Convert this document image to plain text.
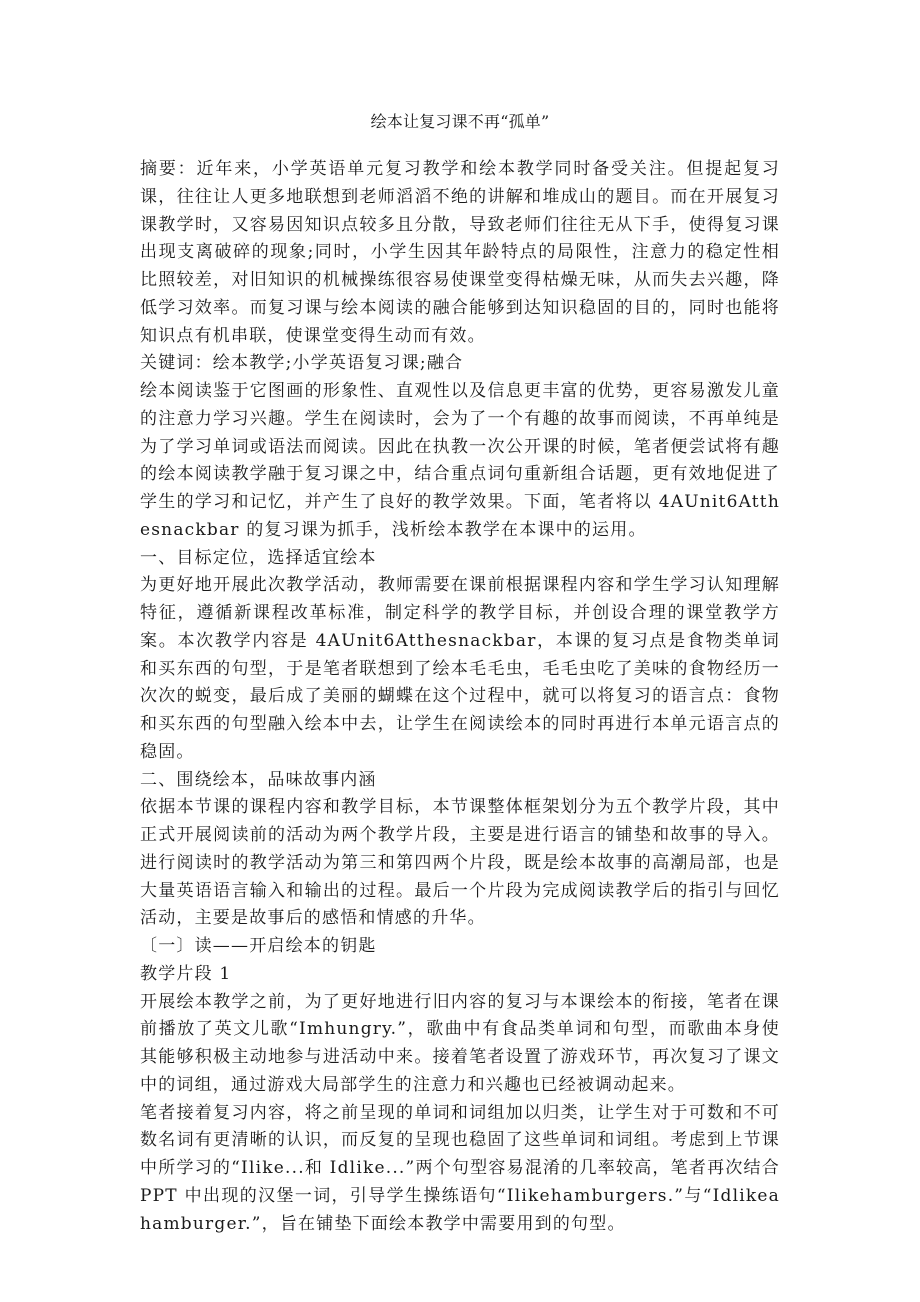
绘本让复习课不再“孤单”

摘要：近年来，小学英语单元复习教学和绘本教学同时备受关注。但提起复习课，往往让人更多地联想到老师滔滔不绝的讲解和堆成山的题目。而在开展复习课教学时，又容易因知识点较多且分散，导致老师们往往无从下手，使得复习课出现支离破碎的现象;同时，小学生因其年龄特点的局限性，注意力的稳定性相比照较差，对旧知识的机械操练很容易使课堂变得枯燥无味，从而失去兴趣，降低学习效率。而复习课与绘本阅读的融合能够到达知识稳固的目的，同时也能将知识点有机串联，使课堂变得生动而有效。

关键词：绘本教学;小学英语复习课;融合

绘本阅读鉴于它图画的形象性、直观性以及信息更丰富的优势，更容易激发儿童的注意力学习兴趣。学生在阅读时，会为了一个有趣的故事而阅读，不再单纯是为了学习单词或语法而阅读。因此在执教一次公开课的时候，笔者便尝试将有趣的绘本阅读教学融于复习课之中，结合重点词句重新组合话题，更有效地促进了学生的学习和记忆，并产生了良好的教学效果。下面，笔者将以 4AUnit6Atthesnackbar 的复习课为抓手，浅析绘本教学在本课中的运用。

一、目标定位，选择适宜绘本

为更好地开展此次教学活动，教师需要在课前根据课程内容和学生学习认知理解特征，遵循新课程改革标准，制定科学的教学目标，并创设合理的课堂教学方案。本次教学内容是 4AUnit6Atthesnackbar，本课的复习点是食物类单词和买东西的句型，于是笔者联想到了绘本毛毛虫，毛毛虫吃了美味的食物经历一次次的蜕变，最后成了美丽的蝴蝶在这个过程中，就可以将复习的语言点：食物和买东西的句型融入绘本中去，让学生在阅读绘本的同时再进行本单元语言点的稳固。

二、围绕绘本，品味故事内涵

依据本节课的课程内容和教学目标，本节课整体框架划分为五个教学片段，其中正式开展阅读前的活动为两个教学片段，主要是进行语言的铺垫和故事的导入。进行阅读时的教学活动为第三和第四两个片段，既是绘本故事的高潮局部，也是大量英语语言输入和输出的过程。最后一个片段为完成阅读教学后的指引与回忆活动，主要是故事后的感悟和情感的升华。

〔一〕读——开启绘本的钥匙
教学片段 1

开展绘本教学之前，为了更好地进行旧内容的复习与本课绘本的衔接，笔者在课前播放了英文儿歌“Imhungry.”，歌曲中有食品类单词和句型，而歌曲本身使其能够积极主动地参与进活动中来。接着笔者设置了游戏环节，再次复习了课文中的词组，通过游戏大局部学生的注意力和兴趣也已经被调动起来。

笔者接着复习内容，将之前呈现的单词和词组加以归类，让学生对于可数和不可数名词有更清晰的认识，而反复的呈现也稳固了这些单词和词组。考虑到上节课中所学习的“Ilike...和 Idlike...”两个句型容易混淆的几率较高，笔者再次结合 PPT 中出现的汉堡一词，引导学生操练语句“Ilikehamburgers.”与“Idlikeahamburger.”，旨在铺垫下面绘本教学中需要用到的句型。
